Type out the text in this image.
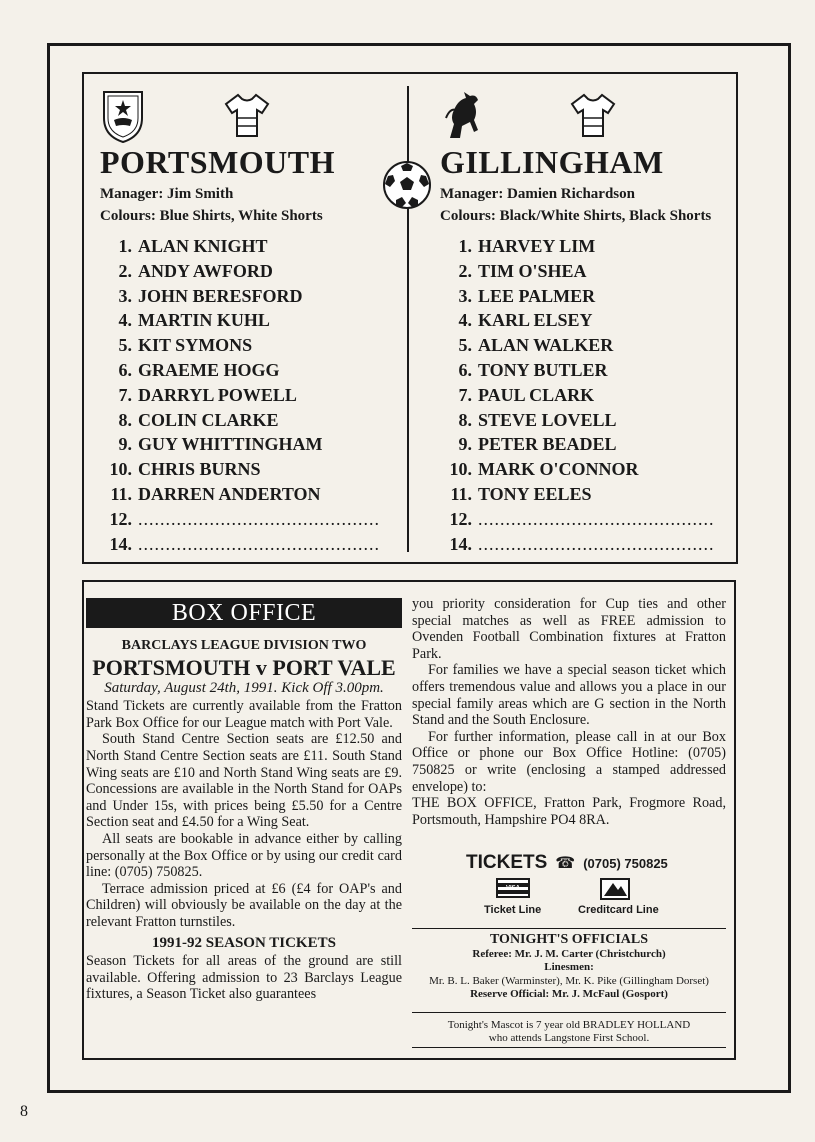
PORTSMOUTH
Manager: Jim Smith
Colours: Blue Shirts, White Shorts
1. ALAN KNIGHT
2. ANDY AWFORD
3. JOHN BERESFORD
4. MARTIN KUHL
5. KIT SYMONS
6. GRAEME HOGG
7. DARRYL POWELL
8. COLIN CLARKE
9. GUY WHITTINGHAM
10. CHRIS BURNS
11. DARREN ANDERTON
12. ............................................
14. ............................................
GILLINGHAM
Manager: Damien Richardson
Colours: Black/White Shirts, Black Shorts
1. HARVEY LIM
2. TIM O'SHEA
3. LEE PALMER
4. KARL ELSEY
5. ALAN WALKER
6. TONY BUTLER
7. PAUL CLARK
8. STEVE LOVELL
9. PETER BEADEL
10. MARK O'CONNOR
11. TONY EELES
12. ...........................................
14. ...........................................
BOX OFFICE
BARCLAYS LEAGUE DIVISION TWO
PORTSMOUTH v PORT VALE
Saturday, August 24th, 1991. Kick Off 3.00pm.

Stand Tickets are currently available from the Fratton Park Box Office for our League match with Port Vale.

South Stand Centre Section seats are £12.50 and North Stand Centre Section seats are £11. South Stand Wing seats are £10 and North Stand Wing seats are £9. Concessions are available in the North Stand for OAPs and Under 15s, with prices being £5.50 for a Centre Section seat and £4.50 for a Wing Seat.

All seats are bookable in advance either by calling personally at the Box Office or by using our credit card line: (0705) 750825.

Terrace admission priced at £6 (£4 for OAP's and Children) will obviously be available on the day at the relevant Fratton turnstiles.

1991-92 SEASON TICKETS

Season Tickets for all areas of the ground are still available. Offering admission to 23 Barclays League fixtures, a Season Ticket also guarantees

you priority consideration for Cup ties and other special matches as well as FREE admission to Ovenden Football Combination fixtures at Fratton Park.

For families we have a special season ticket which offers tremendous value and allows you a place in our special family areas which are G section in the North Stand and the South Enclosure.

For further information, please call in at our Box Office or phone our Box Office Hotline: (0705) 750825 or write (enclosing a stamped addressed envelope) to:

THE BOX OFFICE, Fratton Park, Frogmore Road, Portsmouth, Hampshire PO4 8RA.

TICKETS ☎ (0705) 750825
VISA
Ticket Line	Creditcard Line
TONIGHT'S OFFICIALS
Referee: Mr. J. M. Carter (Christchurch)
Linesmen:
Mr. B. L. Baker (Warminster), Mr. K. Pike (Gillingham Dorset)
Reserve Official: Mr. J. McFaul (Gosport)
Tonight's Mascot is 7 year old BRADLEY HOLLAND
who attends Langstone First School.
8
